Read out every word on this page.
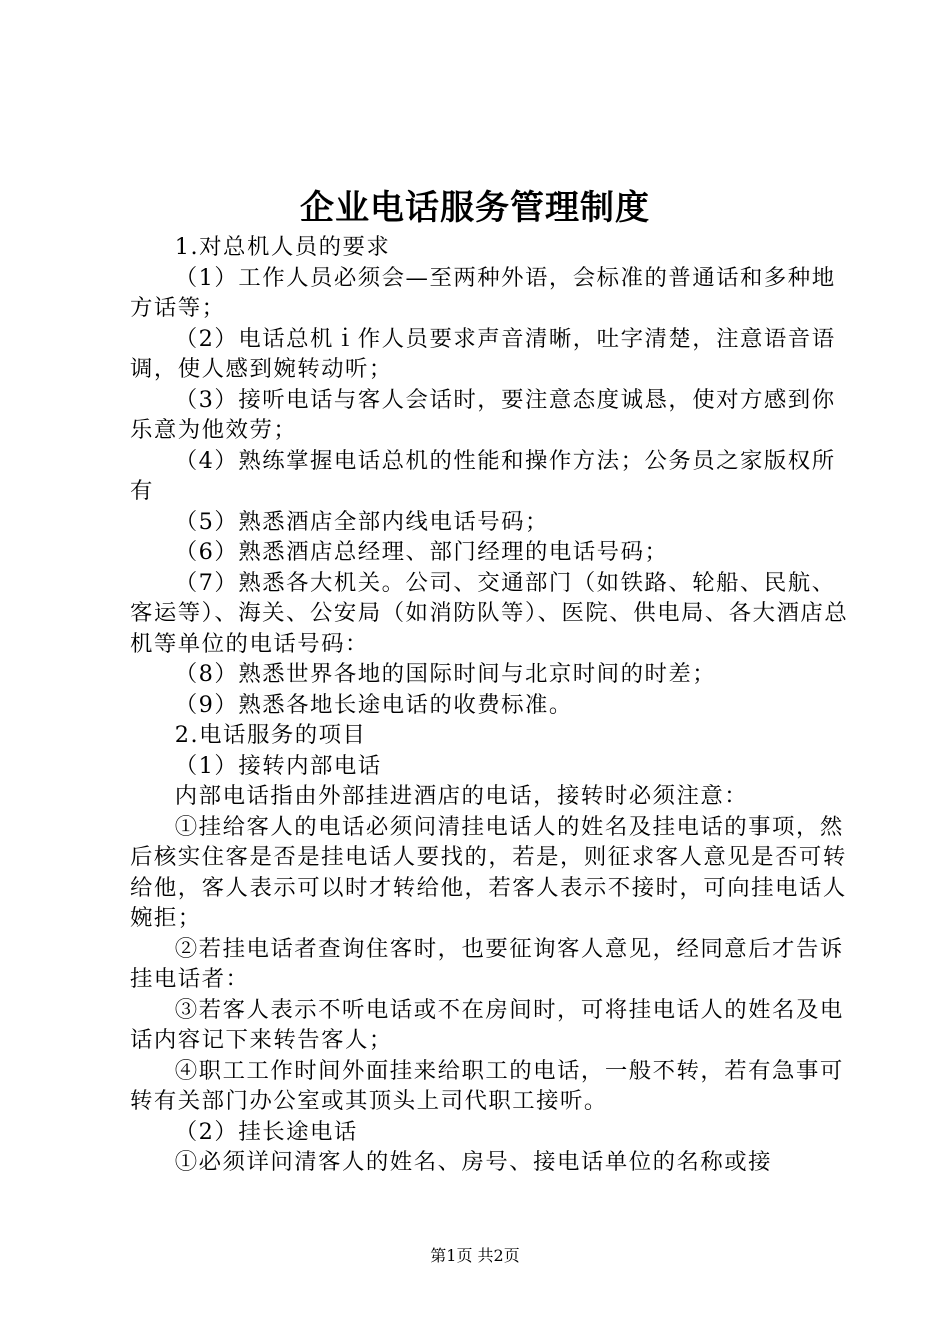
企业电话服务管理制度

1.对总机人员的要求

（1）工作人员必须会—至两种外语，会标准的普通话和多种地方话等；

（2）电话总机ｉ作人员要求声音清晰，吐字清楚，注意语音语调，使人感到婉转动听；

（3）接听电话与客人会话时，要注意态度诚恳，使对方感到你乐意为他效劳；

（4）熟练掌握电话总机的性能和操作方法；公务员之家版权所有

（5）熟悉酒店全部内线电话号码；

（6）熟悉酒店总经理、部门经理的电话号码；

（7）熟悉各大机关。公司、交通部门（如铁路、轮船、民航、客运等）、海关、公安局（如消防队等）、医院、供电局、各大酒店总机等单位的电话号码：

（8）熟悉世界各地的国际时间与北京时间的时差；

（9）熟悉各地长途电话的收费标准。

2.电话服务的项目

（1）接转内部电话

内部电话指由外部挂进酒店的电话，接转时必须注意：

①挂给客人的电话必须问清挂电话人的姓名及挂电话的事项，然后核实住客是否是挂电话人要找的，若是，则征求客人意见是否可转给他，客人表示可以时才转给他，若客人表示不接时，可向挂电话人婉拒；

②若挂电话者查询住客时，也要征询客人意见，经同意后才告诉挂电话者：

③若客人表示不听电话或不在房间时，可将挂电话人的姓名及电话内容记下来转告客人；

④职工工作时间外面挂来给职工的电话，一般不转，若有急事可转有关部门办公室或其顶头上司代职工接听。

（2）挂长途电话

①必须详问清客人的姓名、房号、接电话单位的名称或接

第1页 共2页
